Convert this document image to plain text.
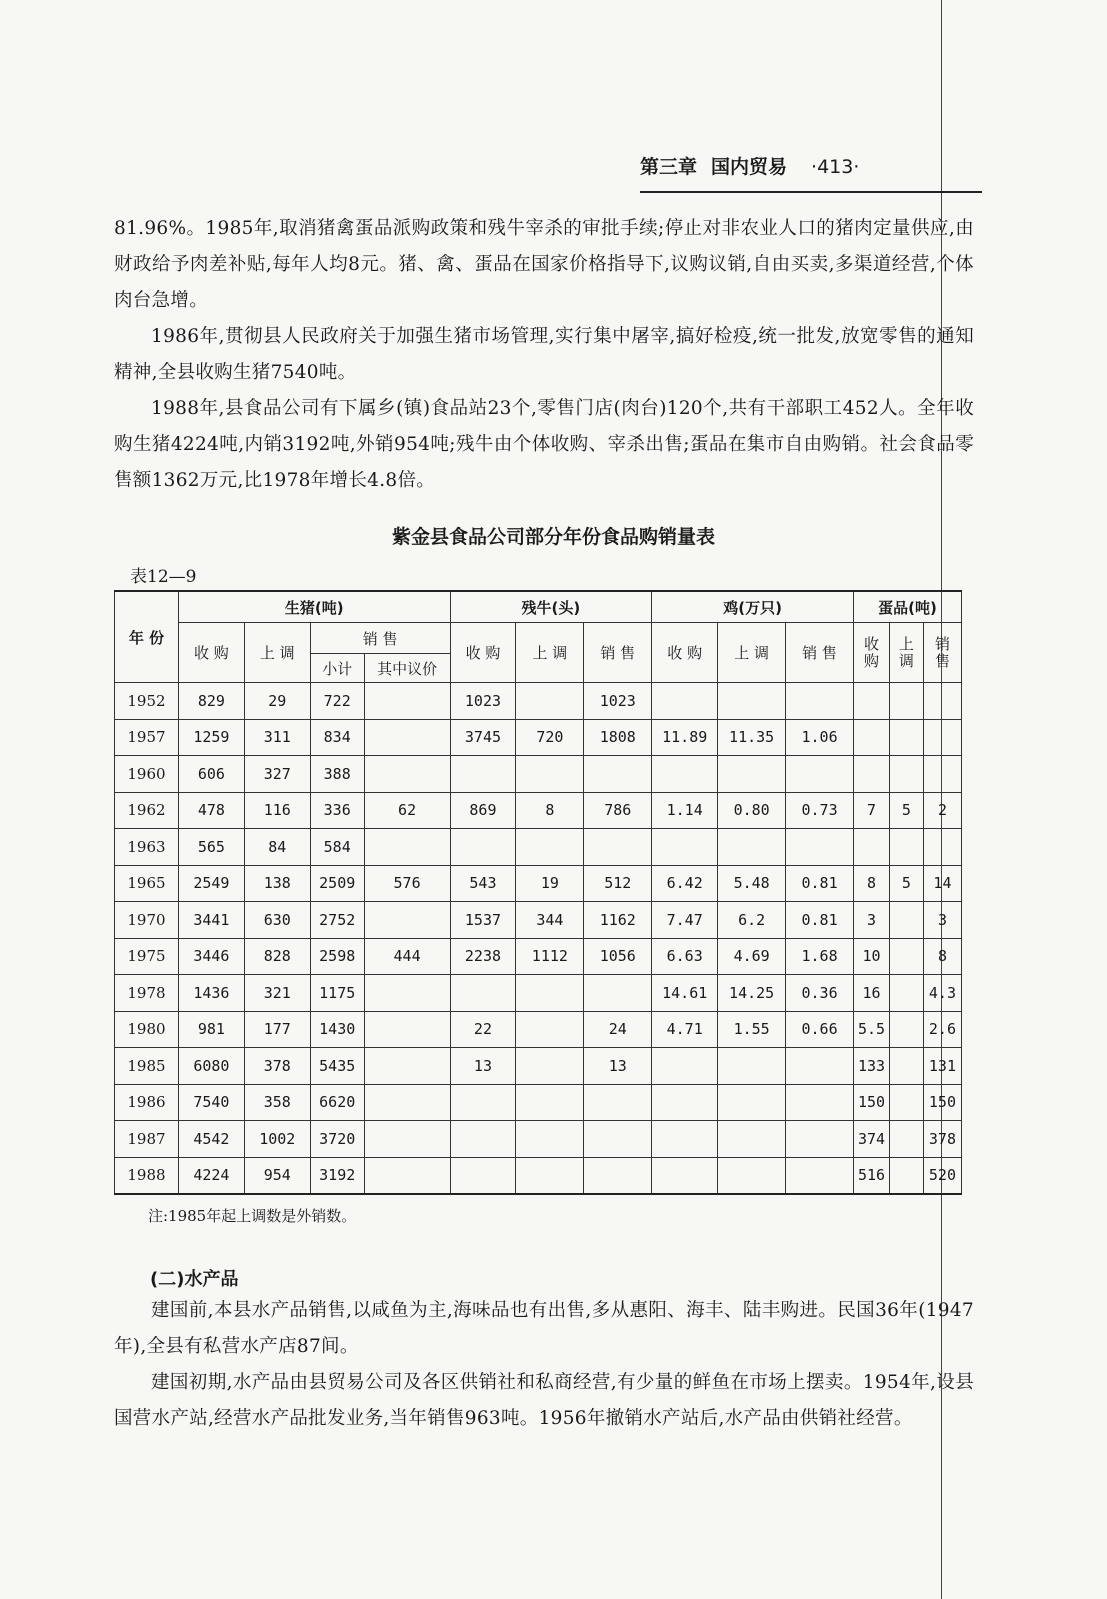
第三章 国内贸易 ·413·

81.96%。1985年,取消猪禽蛋品派购政策和残牛宰杀的审批手续;停止对非农业人口的猪肉定量供应,由财政给予肉差补贴,每年人均8元。猪、禽、蛋品在国家价格指导下,议购议销,自由买卖,多渠道经营,个体肉台急增。

1986年,贯彻县人民政府关于加强生猪市场管理,实行集中屠宰,搞好检疫,统一批发,放宽零售的通知精神,全县收购生猪7540吨。

1988年,县食品公司有下属乡(镇)食品站23个,零售门店(肉台)120个,共有干部职工452人。全年收购生猪4224吨,内销3192吨,外销954吨;残牛由个体收购、宰杀出售;蛋品在集市自由购销。社会食品零售额1362万元,比1978年增长4.8倍。

紫金县食品公司部分年份食品购销量表
表12—9
年 份	生猪(吨)				残牛(头)			鸡(万只)			蛋品(吨)		
	收 购	上 调	销 售		收 购	上 调	销 售	收 购	上 调	销 售	收购	上调	销售
			小计	其中议价									
1952	829	29	722		1023		1023						
1957	1259	311	834		3745	720	1808	11.89	11.35	1.06			
1960	606	327	388										
1962	478	116	336	62	869	8	786	1.14	0.80	0.73	7	5	2
1963	565	84	584										
1965	2549	138	2509	576	543	19	512	6.42	5.48	0.81	8	5	14
1970	3441	630	2752		1537	344	1162	7.47	6.2	0.81	3		3
1975	3446	828	2598	444	2238	1112	1056	6.63	4.69	1.68	10		8
1978	1436	321	1175					14.61	14.25	0.36	16		4.3
1980	981	177	1430		22		24	4.71	1.55	0.66	5.5		2.6
1985	6080	378	5435		13		13				133		131
1986	7540	358	6620								150		150
1987	4542	1002	3720								374		378
1988	4224	954	3192								516		520
注:1985年起上调数是外销数。
(二)水产品

建国前,本县水产品销售,以咸鱼为主,海味品也有出售,多从惠阳、海丰、陆丰购进。民国36年(1947年),全县有私营水产店87间。

建国初期,水产品由县贸易公司及各区供销社和私商经营,有少量的鲜鱼在市场上摆卖。1954年,设县国营水产站,经营水产品批发业务,当年销售963吨。1956年撤销水产站后,水产品由供销社经营。
